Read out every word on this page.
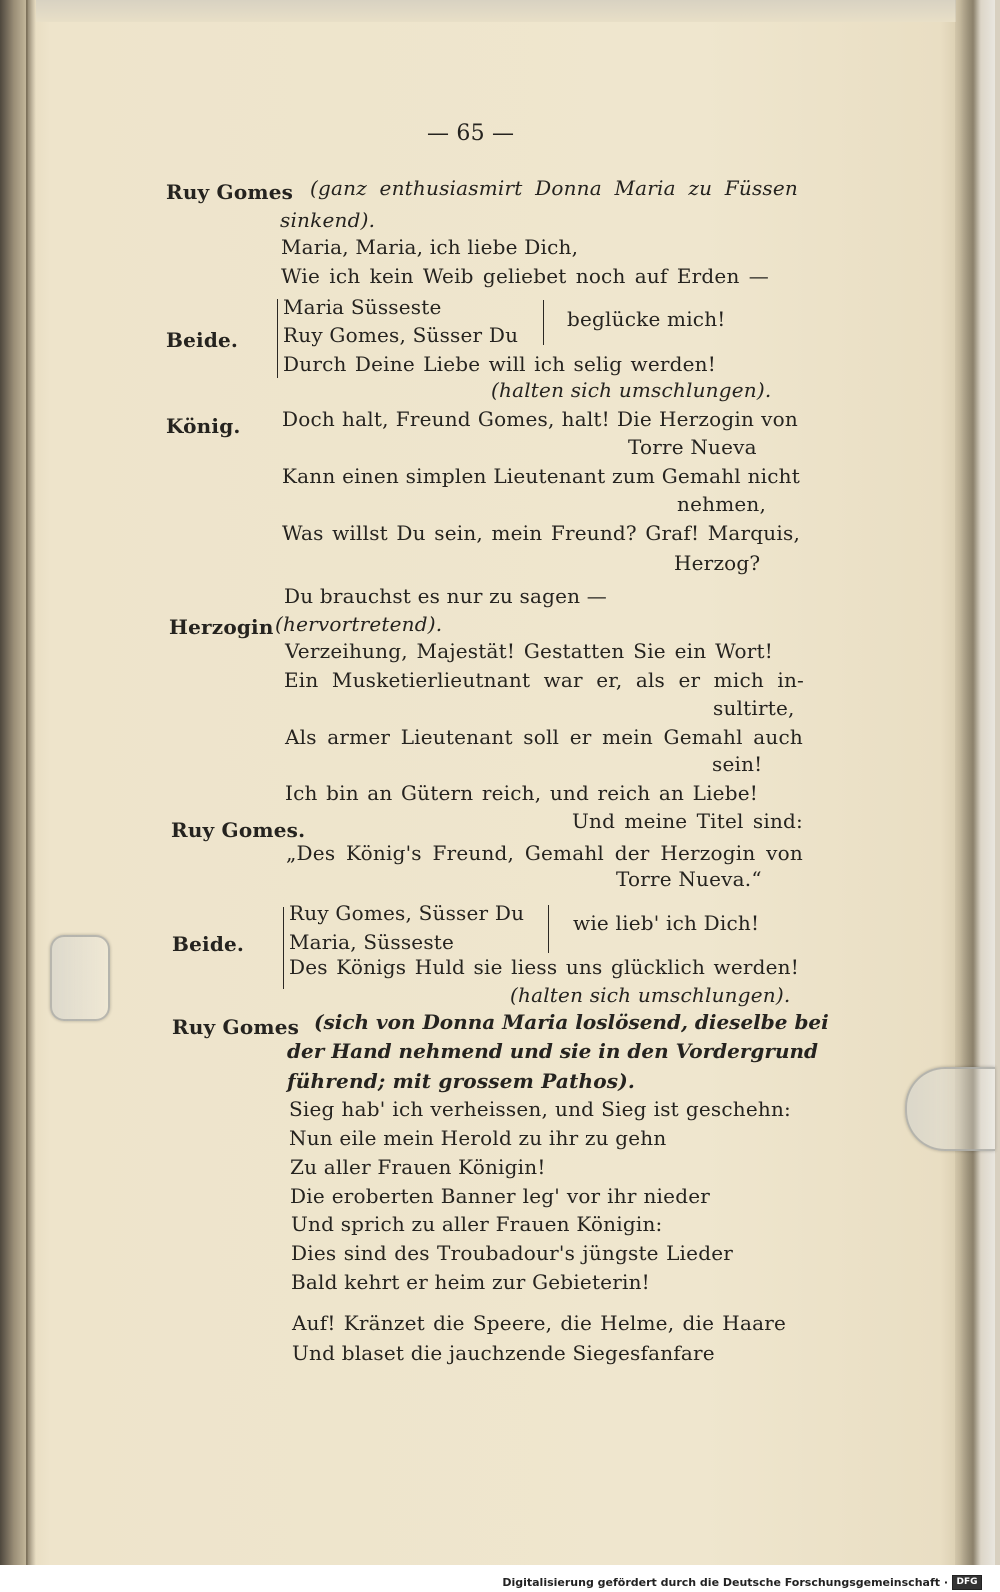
— 65 —
Ruy Gomes (ganz enthusiasmirt Donna Maria zu Füssen
sinkend).
Maria, Maria, ich liebe Dich,
Wie ich kein Weib geliebet noch auf Erden —
Maria Süsseste	beglücke mich!
Beide. Ruy Gomes, Süsser Du
Durch Deine Liebe will ich selig werden!
(halten sich umschlungen).
König. Doch halt, Freund Gomes, halt! Die Herzogin von
Torre Nueva
Kann einen simplen Lieutenant zum Gemahl nicht
nehmen,
Was willst Du sein, mein Freund? Graf! Marquis,
Herzog?
Du brauchst es nur zu sagen —
Herzogin (hervortretend).
Verzeihung, Majestät! Gestatten Sie ein Wort!
Ein Musketierlieutnant war er, als er mich in-
sultirte,
Als armer Lieutenant soll er mein Gemahl auch
sein!
Ich bin an Gütern reich, und reich an Liebe!
Ruy Gomes.	Und meine Titel sind:
„Des König's Freund, Gemahl der Herzogin von
Torre Nueva.“
Ruy Gomes, Süsser Du wie lieb' ich Dich!
Beide. Maria, Süsseste
Des Königs Huld sie liess uns glücklich werden!
(halten sich umschlungen).
Ruy Gomes (sich von Donna Maria loslösend, dieselbe bei
der Hand nehmend und sie in den Vordergrund
führend; mit grossem Pathos).
Sieg hab' ich verheissen, und Sieg ist geschehn:
Nun eile mein Herold zu ihr zu gehn
Zu aller Frauen Königin!
Die eroberten Banner leg' vor ihr nieder
Und sprich zu aller Frauen Königin:
Dies sind des Troubadour's jüngste Lieder
Bald kehrt er heim zur Gebieterin!
Auf! Kränzet die Speere, die Helme, die Haare
Und blaset die jauchzende Siegesfanfare
Digitalisierung gefördert durch die Deutsche Forschungsgemeinschaft · DFG
